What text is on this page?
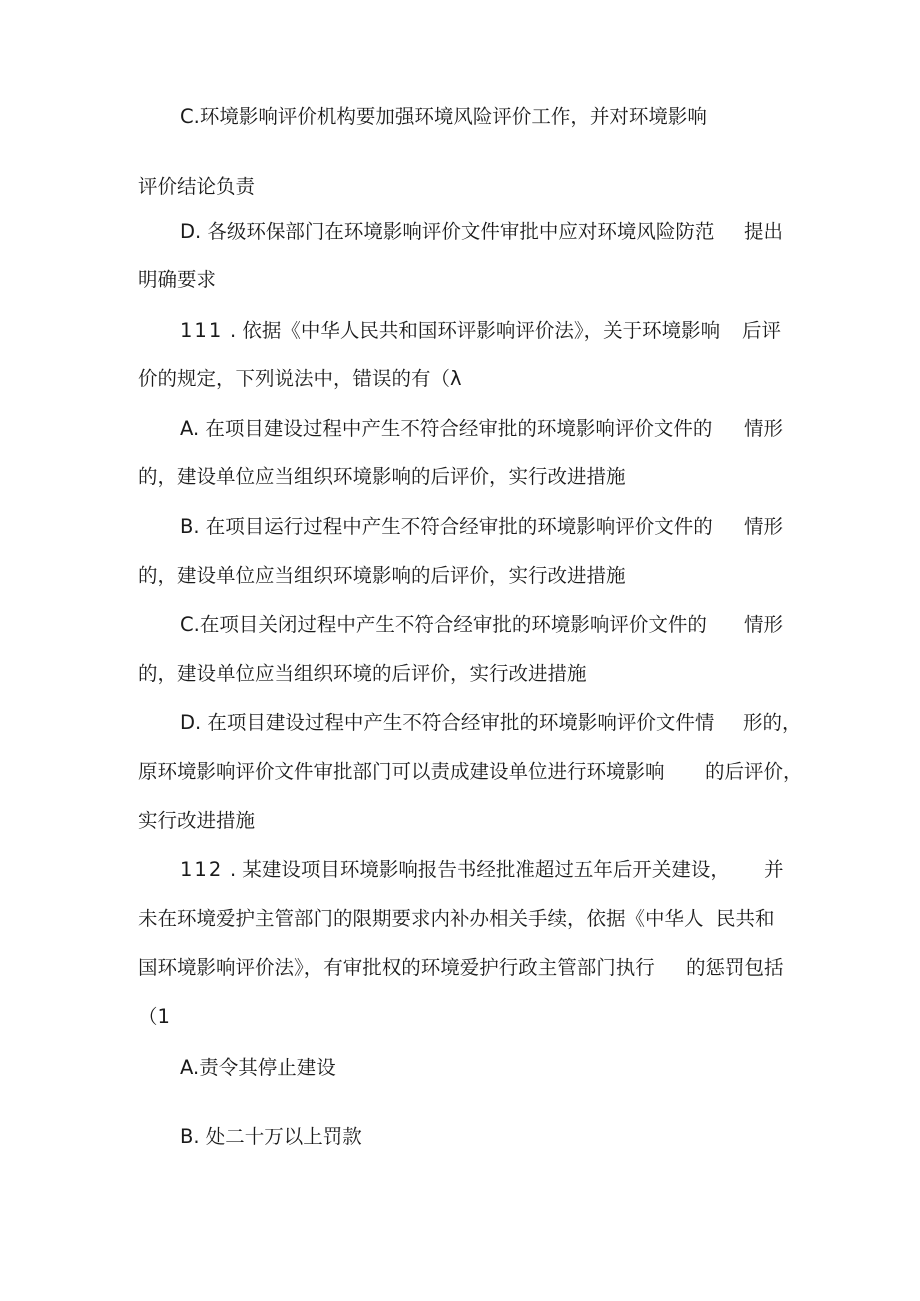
C.环境影响评价机构要加强环境风险评价工作，并对环境影响
评价结论负责
D. 各级环保部门在环境影响评价文件审批中应对环境风险防范 提出
明确要求
111 . 依据《中华人民共和国环评影响评价法》，关于环境影响 后评
价的规定，下列说法中，错误的有（λ
A. 在项目建设过程中产生不符合经审批的环境影响评价文件的 情形
的，建设单位应当组织环境影响的后评价，实行改进措施
B. 在项目运行过程中产生不符合经审批的环境影响评价文件的 情形
的，建设单位应当组织环境影响的后评价，实行改进措施
C.在项目关闭过程中产生不符合经审批的环境影响评价文件的 情形
的，建设单位应当组织环境的后评价，实行改进措施
D. 在项目建设过程中产生不符合经审批的环境影响评价文件情 形的，
原环境影响评价文件审批部门可以责成建设单位进行环境影响 的后评价，
实行改进措施
112 . 某建设项目环境影响报告书经批准超过五年后开关建设， 并
未在环境爱护主管部门的限期要求内补办相关手续，依据《中华人 民共和
国环境影响评价法》，有审批权的环境爱护行政主管部门执行 的惩罚包括
（1
A.责令其停止建设
B. 处二十万以上罚款
